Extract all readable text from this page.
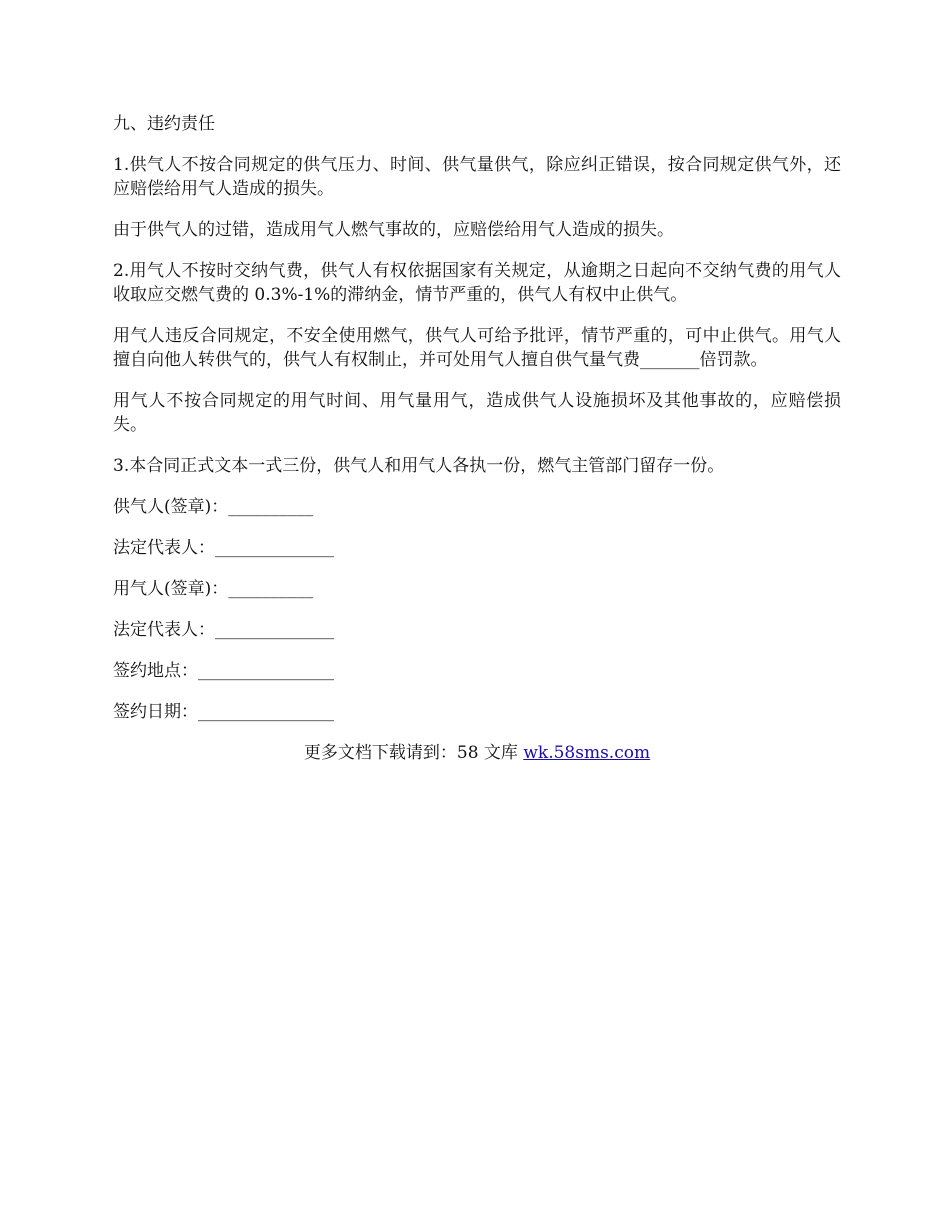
九、违约责任

1.供气人不按合同规定的供气压力、时间、供气量供气，除应纠正错误，按合同规定供气外，还应赔偿给用气人造成的损失。

由于供气人的过错，造成用气人燃气事故的，应赔偿给用气人造成的损失。

2.用气人不按时交纳气费，供气人有权依据国家有关规定，从逾期之日起向不交纳气费的用气人收取应交燃气费的 0.3%-1%的滞纳金，情节严重的，供气人有权中止供气。

用气人违反合同规定，不安全使用燃气，供气人可给予批评，情节严重的，可中止供气。用气人擅自向他人转供气的，供气人有权制止，并可处用气人擅自供气量气费_______倍罚款。

用气人不按合同规定的用气时间、用气量用气，造成供气人设施损坏及其他事故的，应赔偿损失。

3.本合同正式文本一式三份，供气人和用气人各执一份，燃气主管部门留存一份。

供气人(签章)：__________

法定代表人：______________

用气人(签章)：__________

法定代表人：______________

签约地点：________________

签约日期：________________

更多文档下载请到：58 文库 wk.58sms.com
